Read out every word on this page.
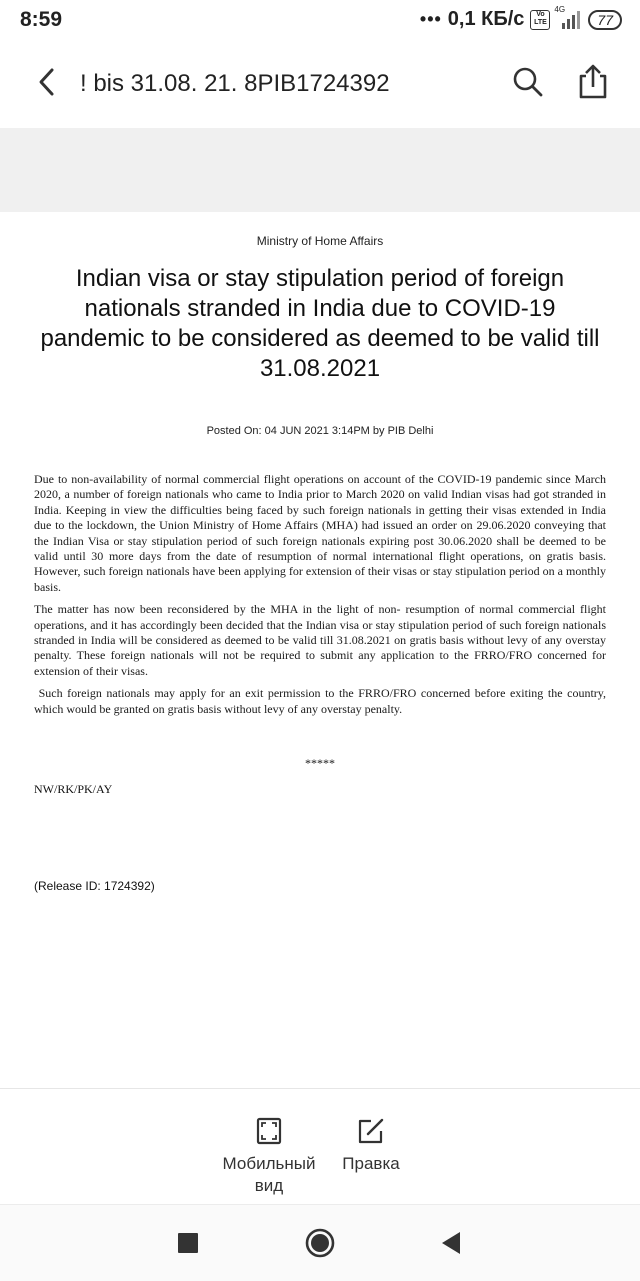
8:59	••• 0,1 КБ/с	Vo LTE
4G
77
! bis 31.08. 21. 8PIB1724392
Ministry of Home Affairs
Indian visa or stay stipulation period of foreign nationals stranded in India due to COVID-19 pandemic to be considered as deemed to be valid till 31.08.2021
Posted On: 04 JUN 2021 3:14PM by PIB Delhi

Due to non-availability of normal commercial flight operations on account of the COVID-19 pandemic since March 2020, a number of foreign nationals who came to India prior to March 2020 on valid Indian visas had got stranded in India. Keeping in view the difficulties being faced by such foreign nationals in getting their visas extended in India due to the lockdown, the Union Ministry of Home Affairs (MHA) had issued an order on 29.06.2020 conveying that the Indian Visa or stay stipulation period of such foreign nationals expiring post 30.06.2020 shall be deemed to be valid until 30 more days from the date of resumption of normal international flight operations, on gratis basis. However, such foreign nationals have been applying for extension of their visas or stay stipulation period on a monthly basis.

The matter has now been reconsidered by the MHA in the light of non- resumption of normal commercial flight operations, and it has accordingly been decided that the Indian visa or stay stipulation period of such foreign nationals stranded in India will be considered as deemed to be valid till 31.08.2021 on gratis basis without levy of any overstay penalty. These foreign nationals will not be required to submit any application to the FRRO/FRO concerned for extension of their visas.

Such foreign nationals may apply for an exit permission to the FRRO/FRO concerned before exiting the country, which would be granted on gratis basis without levy of any overstay penalty.

*****
NW/RK/PK/AY
(Release ID: 1724392)
Мобильный
вид
Правка
